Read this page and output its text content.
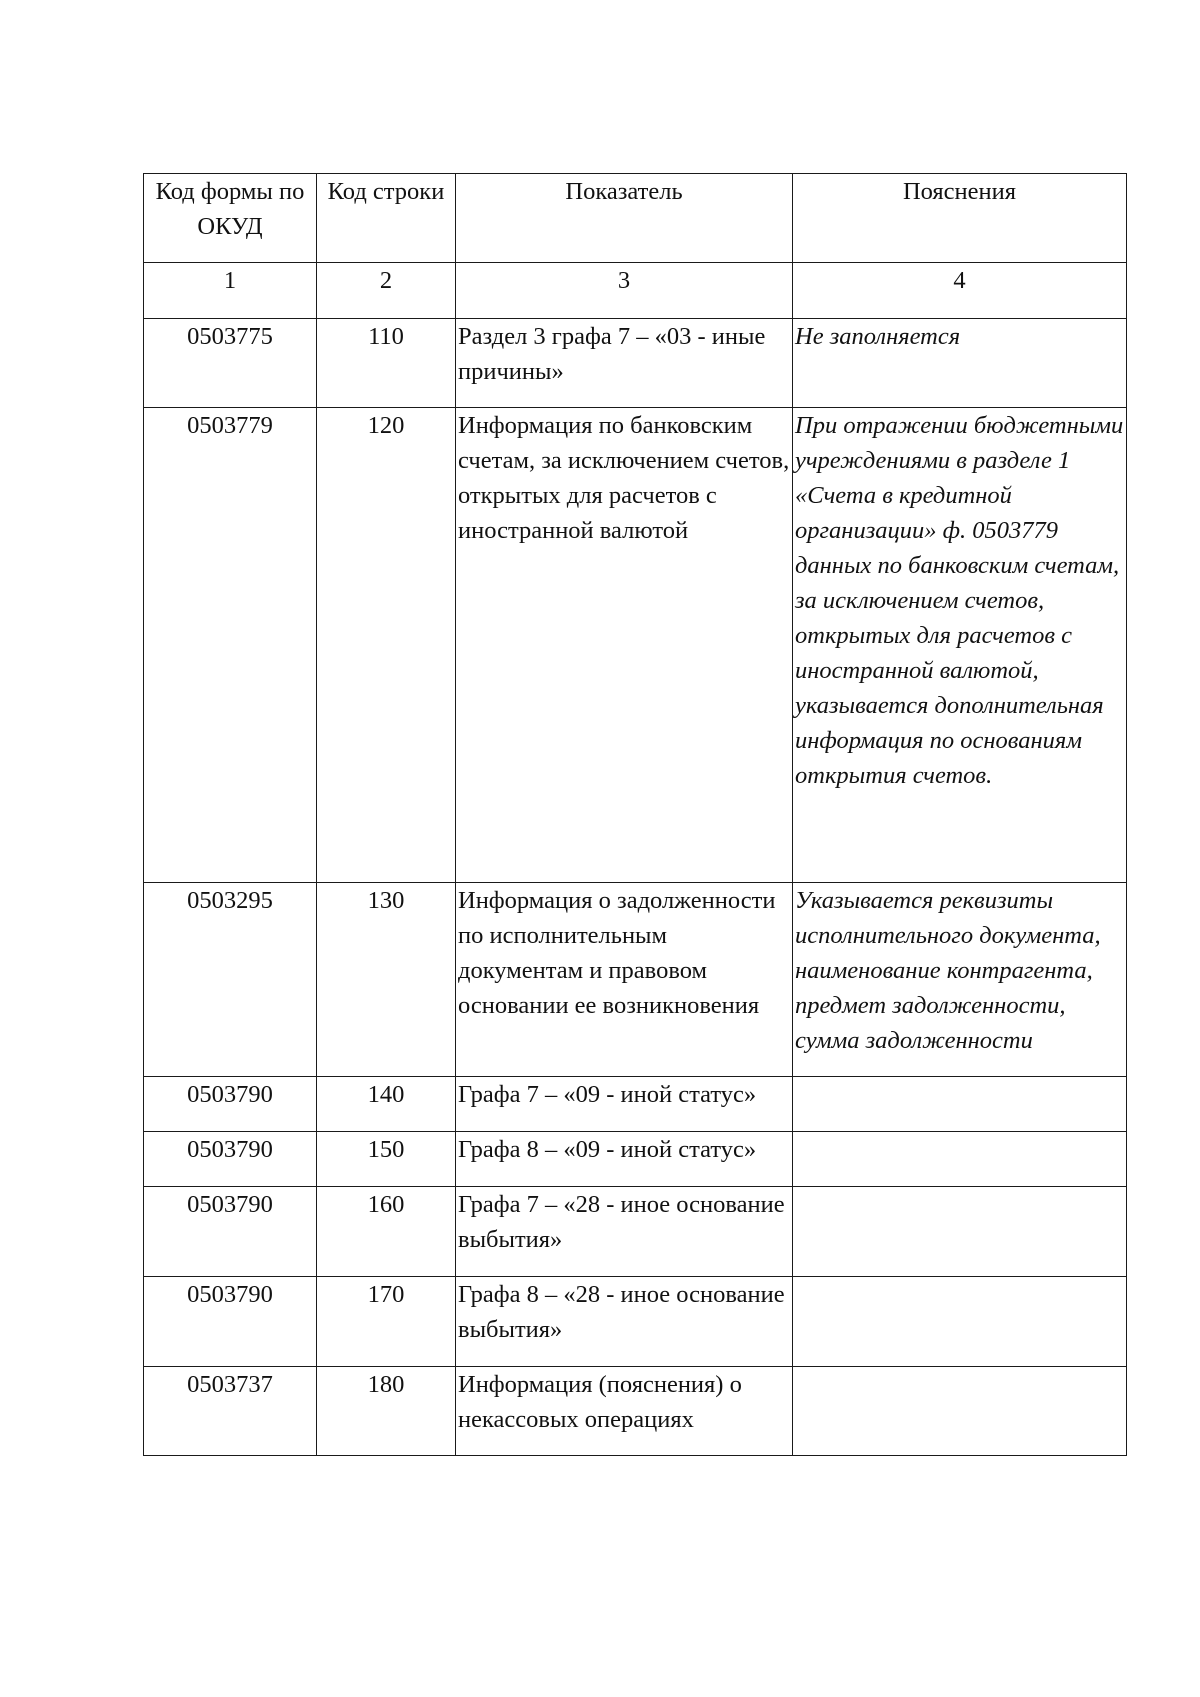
Код формы по ОКУД	Код строки	Показатель	Пояснения
1	2	3	4
0503775	110	Раздел 3 графа 7 – «03 - иные причины»	Не заполняется
0503779	120	Информация по банковским счетам, за исключением счетов, открытых для расчетов с иностранной валютой	При отражении бюджетными учреждениями в разделе 1 «Счета в кредитной организации» ф. 0503779 данных по банковским счетам, за исключением счетов, открытых для расчетов с иностранной валютой, указывается дополнительная информация по основаниям открытия счетов.
0503295	130	Информация о задолженности по исполнительным документам и правовом основании ее возникновения	Указывается реквизиты исполнительного документа, наименование контрагента, предмет задолженности, сумма задолженности
0503790	140	Графа 7 – «09 - иной статус»	
0503790	150	Графа 8 – «09 - иной статус»	
0503790	160	Графа 7 – «28 - иное основание выбытия»	
0503790	170	Графа 8 – «28 - иное основание выбытия»	
0503737	180	Информация (пояснения) о некассовых операциях	
